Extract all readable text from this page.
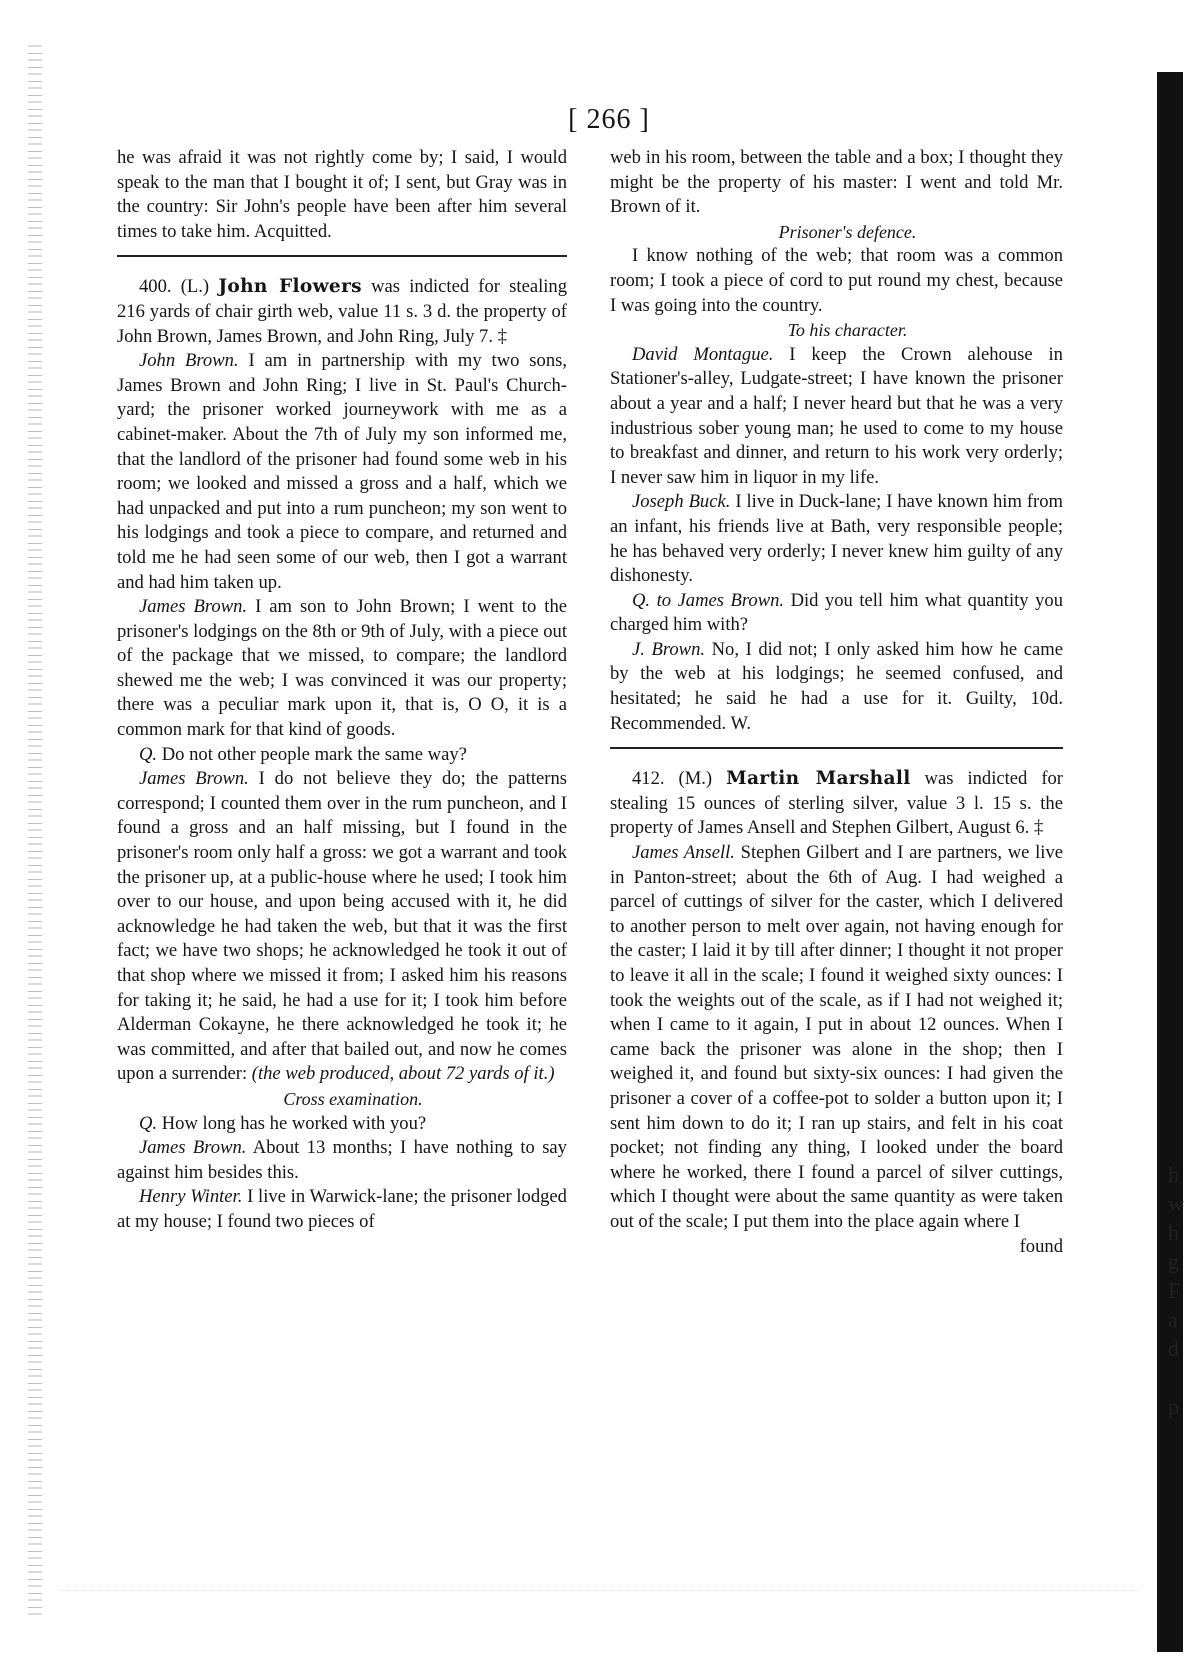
h
w
h
g
F
a
d

p
[ 266 ]

he was afraid it was not rightly come by; I said, I would speak to the man that I bought it of; I sent, but Gray was in the country: Sir John's people have been after him several times to take him. Acquitted.

400. (L.) John Flowers was indicted for stealing 216 yards of chair girth web, value 11 s. 3 d. the property of John Brown, James Brown, and John Ring, July 7. ‡

John Brown. I am in partnership with my two sons, James Brown and John Ring; I live in St. Paul's Church-yard; the prisoner worked journeywork with me as a cabinet-maker. About the 7th of July my son informed me, that the landlord of the prisoner had found some web in his room; we looked and missed a gross and a half, which we had unpacked and put into a rum puncheon; my son went to his lodgings and took a piece to compare, and returned and told me he had seen some of our web, then I got a warrant and had him taken up.

James Brown. I am son to John Brown; I went to the prisoner's lodgings on the 8th or 9th of July, with a piece out of the package that we missed, to compare; the landlord shewed me the web; I was convinced it was our property; there was a peculiar mark upon it, that is, O O, it is a common mark for that kind of goods.

Q. Do not other people mark the same way?

James Brown. I do not believe they do; the patterns correspond; I counted them over in the rum puncheon, and I found a gross and an half missing, but I found in the prisoner's room only half a gross: we got a warrant and took the prisoner up, at a public-house where he used; I took him over to our house, and upon being accused with it, he did acknowledge he had taken the web, but that it was the first fact; we have two shops; he acknowledged he took it out of that shop where we missed it from; I asked him his reasons for taking it; he said, he had a use for it; I took him before Alderman Cokayne, he there acknowledged he took it; he was committed, and after that bailed out, and now he comes upon a surrender: (the web produced, about 72 yards of it.)

Cross examination.

Q. How long has he worked with you?

James Brown. About 13 months; I have nothing to say against him besides this.

Henry Winter. I live in Warwick-lane; the prisoner lodged at my house; I found two pieces of

web in his room, between the table and a box; I thought they might be the property of his master: I went and told Mr. Brown of it.

Prisoner's defence.

I know nothing of the web; that room was a common room; I took a piece of cord to put round my chest, because I was going into the country.

To his character.

David Montague. I keep the Crown alehouse in Stationer's-alley, Ludgate-street; I have known the prisoner about a year and a half; I never heard but that he was a very industrious sober young man; he used to come to my house to breakfast and dinner, and return to his work very orderly; I never saw him in liquor in my life.

Joseph Buck. I live in Duck-lane; I have known him from an infant, his friends live at Bath, very responsible people; he has behaved very orderly; I never knew him guilty of any dishonesty.

Q. to James Brown. Did you tell him what quantity you charged him with?

J. Brown. No, I did not; I only asked him how he came by the web at his lodgings; he seemed confused, and hesitated; he said he had a use for it. Guilty, 10d. Recommended. W.

412. (M.) Martin Marshall was indicted for stealing 15 ounces of sterling silver, value 3 l. 15 s. the property of James Ansell and Stephen Gilbert, August 6. ‡

James Ansell. Stephen Gilbert and I are partners, we live in Panton-street; about the 6th of Aug. I had weighed a parcel of cuttings of silver for the caster, which I delivered to another person to melt over again, not having enough for the caster; I laid it by till after dinner; I thought it not proper to leave it all in the scale; I found it weighed sixty ounces: I took the weights out of the scale, as if I had not weighed it; when I came to it again, I put in about 12 ounces. When I came back the prisoner was alone in the shop; then I weighed it, and found but sixty-six ounces: I had given the prisoner a cover of a coffee-pot to solder a button upon it; I sent him down to do it; I ran up stairs, and felt in his coat pocket; not finding any thing, I looked under the board where he worked, there I found a parcel of silver cuttings, which I thought were about the same quantity as were taken out of the scale; I put them into the place again where I

found
